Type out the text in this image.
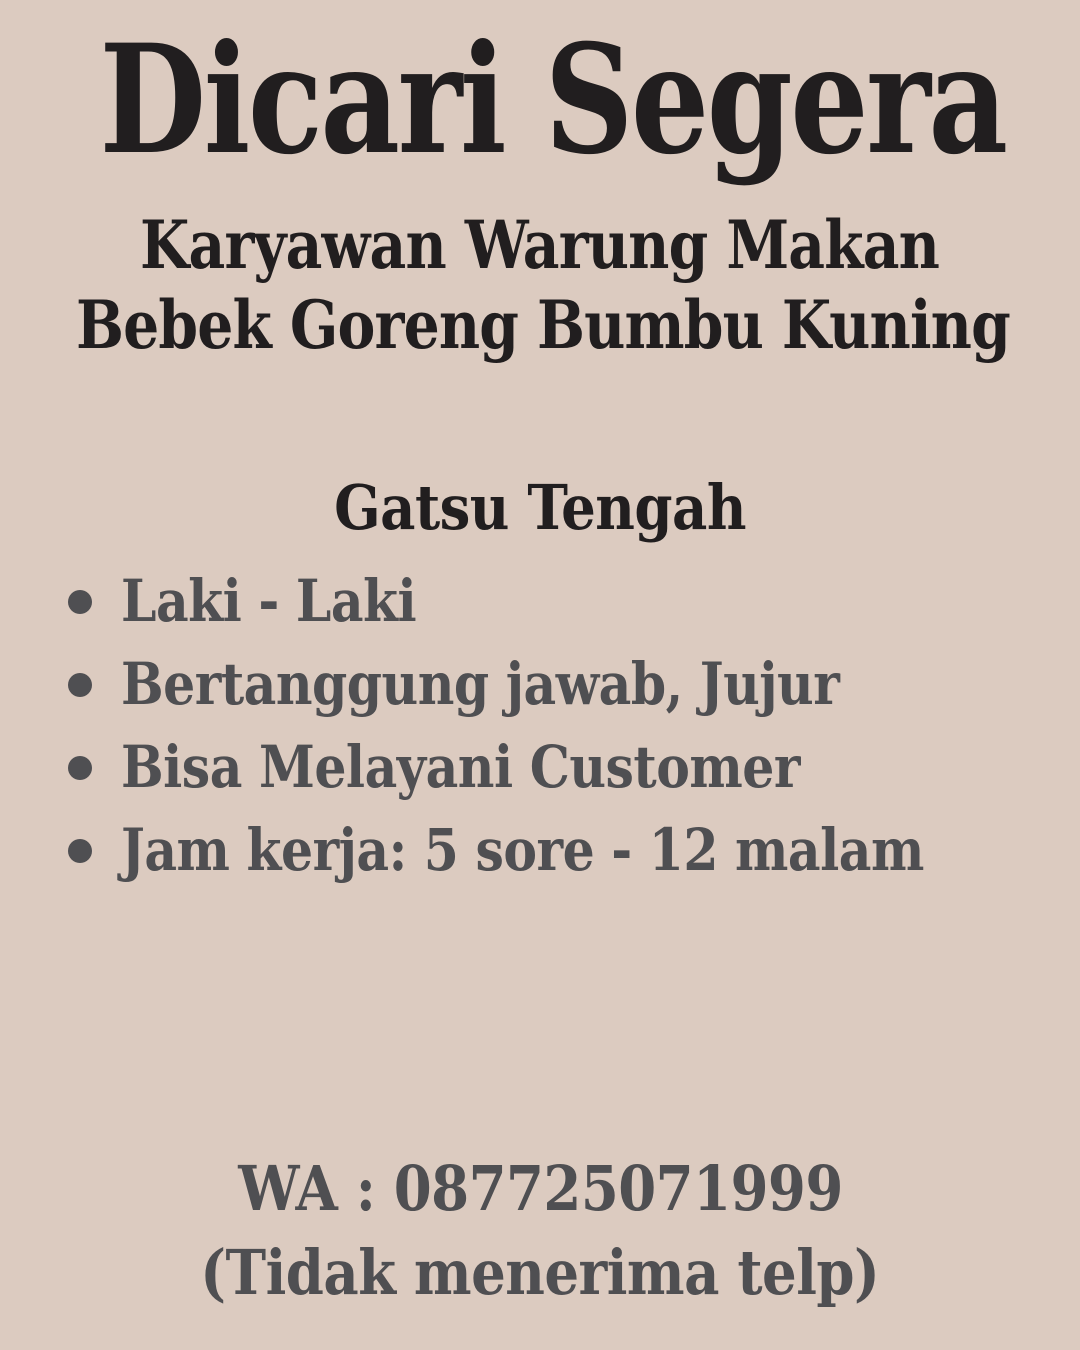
Dicari Segera
Karyawan Warung Makan
Bebek Goreng Bumbu Kuning
Gatsu Tengah
Laki - Laki
Bertanggung jawab, Jujur
Bisa Melayani Customer
Jam kerja: 5 sore - 12 malam
WA : 087725071999
(Tidak menerima telp)
